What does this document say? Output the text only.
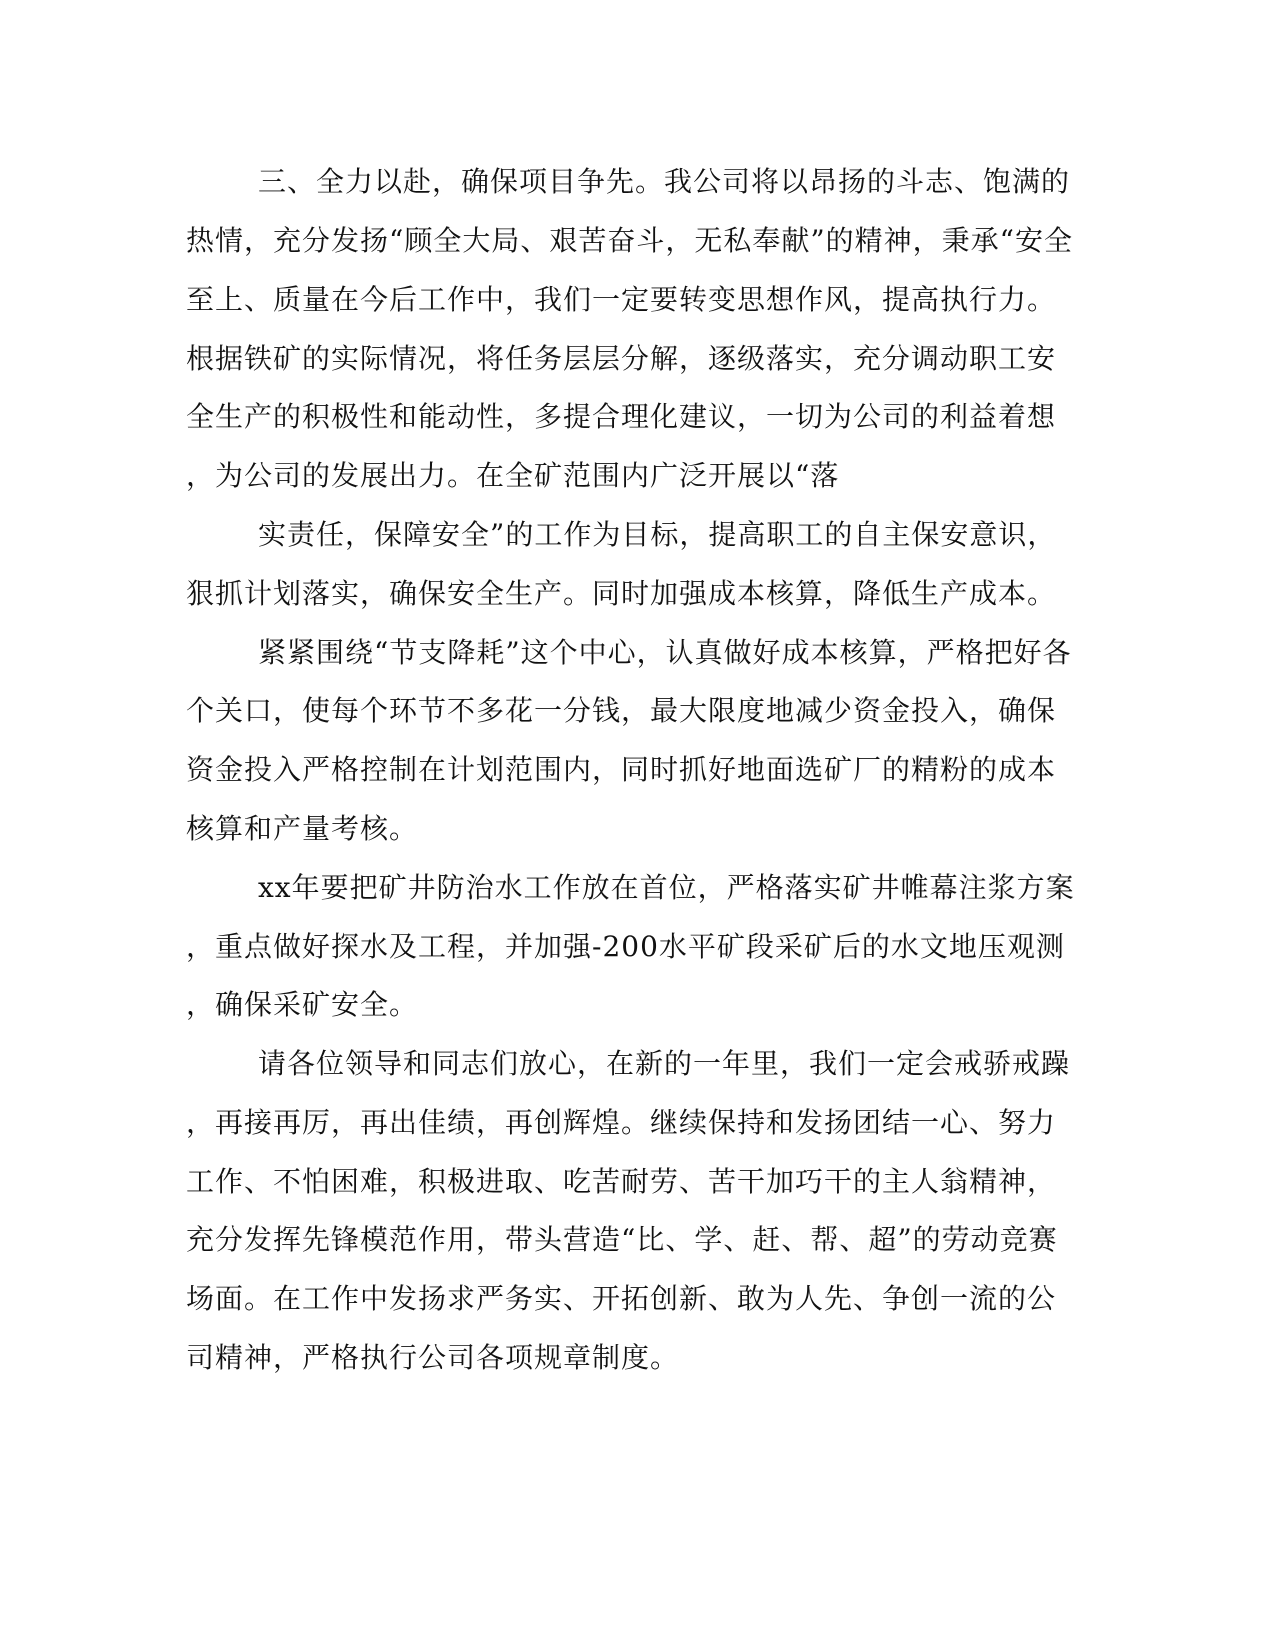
三、全力以赴，确保项目争先。我公司将以昂扬的斗志、饱满的
热情，充分发扬“顾全大局、艰苦奋斗，无私奉献”的精神，秉承“安全
至上、质量在今后工作中，我们一定要转变思想作风，提高执行力。
根据铁矿的实际情况，将任务层层分解，逐级落实，充分调动职工安
全生产的积极性和能动性，多提合理化建议，一切为公司的利益着想
，为公司的发展出力。在全矿范围内广泛开展以“落
实责任，保障安全”的工作为目标，提高职工的自主保安意识，
狠抓计划落实，确保安全生产。同时加强成本核算，降低生产成本。
紧紧围绕“节支降耗”这个中心，认真做好成本核算，严格把好各
个关口，使每个环节不多花一分钱，最大限度地减少资金投入，确保
资金投入严格控制在计划范围内，同时抓好地面选矿厂的精粉的成本
核算和产量考核。
xx年要把矿井防治水工作放在首位，严格落实矿井帷幕注浆方案
，重点做好探水及工程，并加强-200水平矿段采矿后的水文地压观测
，确保采矿安全。
请各位领导和同志们放心，在新的一年里，我们一定会戒骄戒躁
，再接再厉，再出佳绩，再创辉煌。继续保持和发扬团结一心、努力
工作、不怕困难，积极进取、吃苦耐劳、苦干加巧干的主人翁精神，
充分发挥先锋模范作用，带头营造“比、学、赶、帮、超”的劳动竞赛
场面。在工作中发扬求严务实、开拓创新、敢为人先、争创一流的公
司精神，严格执行公司各项规章制度。
